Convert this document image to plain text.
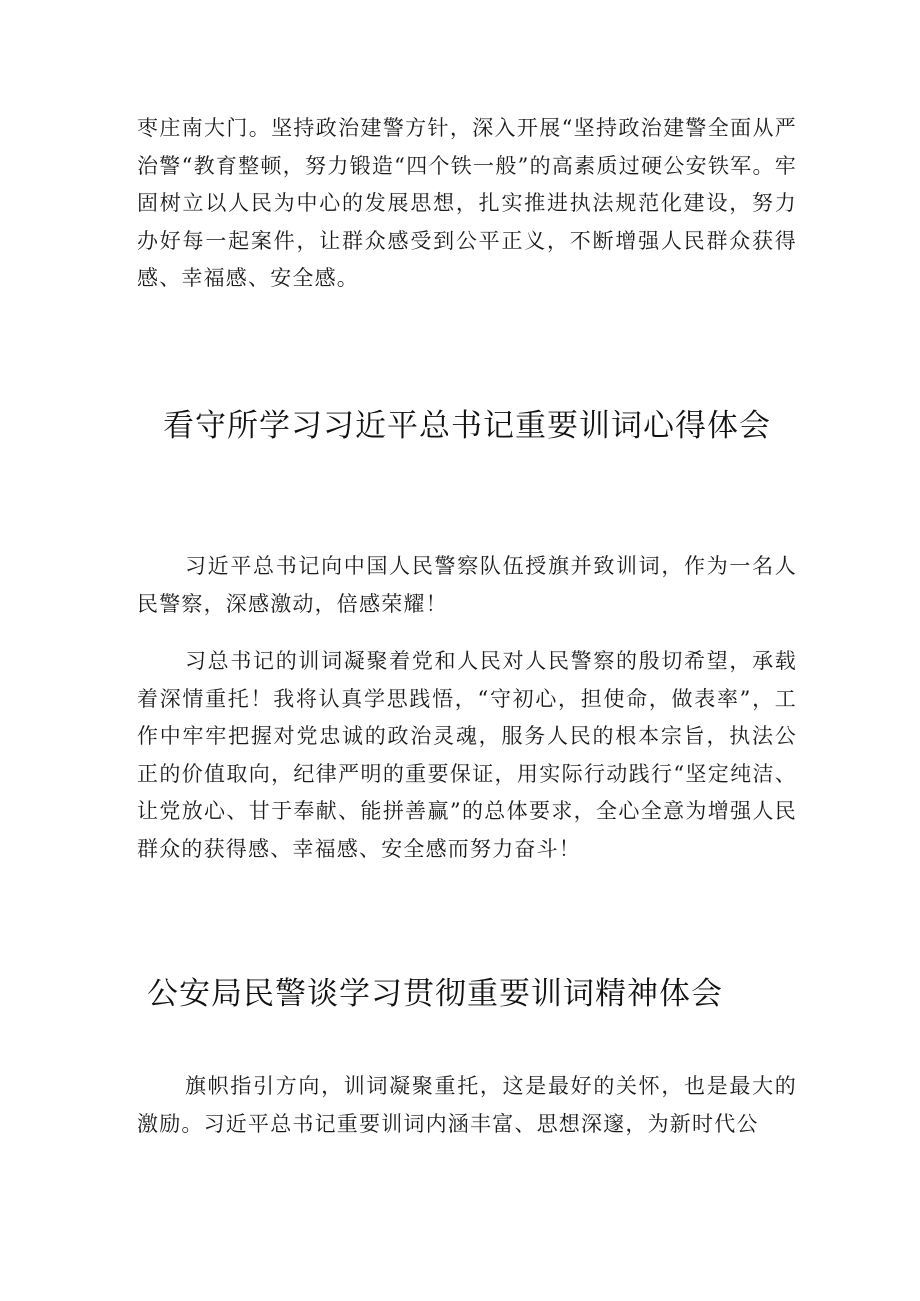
枣庄南大门。坚持政治建警方针，深入开展“坚持政治建警全面从严治警“教育整顿，努力锻造“四个铁一般”的高素质过硬公安铁军。牢固树立以人民为中心的发展思想，扎实推进执法规范化建设，努力办好每一起案件，让群众感受到公平正义，不断增强人民群众获得感、幸福感、安全感。

看守所学习习近平总书记重要训词心得体会

习近平总书记向中国人民警察队伍授旗并致训词，作为一名人民警察，深感激动，倍感荣耀！

习总书记的训词凝聚着党和人民对人民警察的殷切希望，承载着深情重托！我将认真学思践悟，“守初心，担使命，做表率”，工作中牢牢把握对党忠诚的政治灵魂，服务人民的根本宗旨，执法公正的价值取向，纪律严明的重要保证，用实际行动践行“坚定纯洁、让党放心、甘于奉献、能拼善赢”的总体要求，全心全意为增强人民群众的获得感、幸福感、安全感而努力奋斗！

公安局民警谈学习贯彻重要训词精神体会

旗帜指引方向，训词凝聚重托，这是最好的关怀，也是最大的激励。习近平总书记重要训词内涵丰富、思想深邃，为新时代公
